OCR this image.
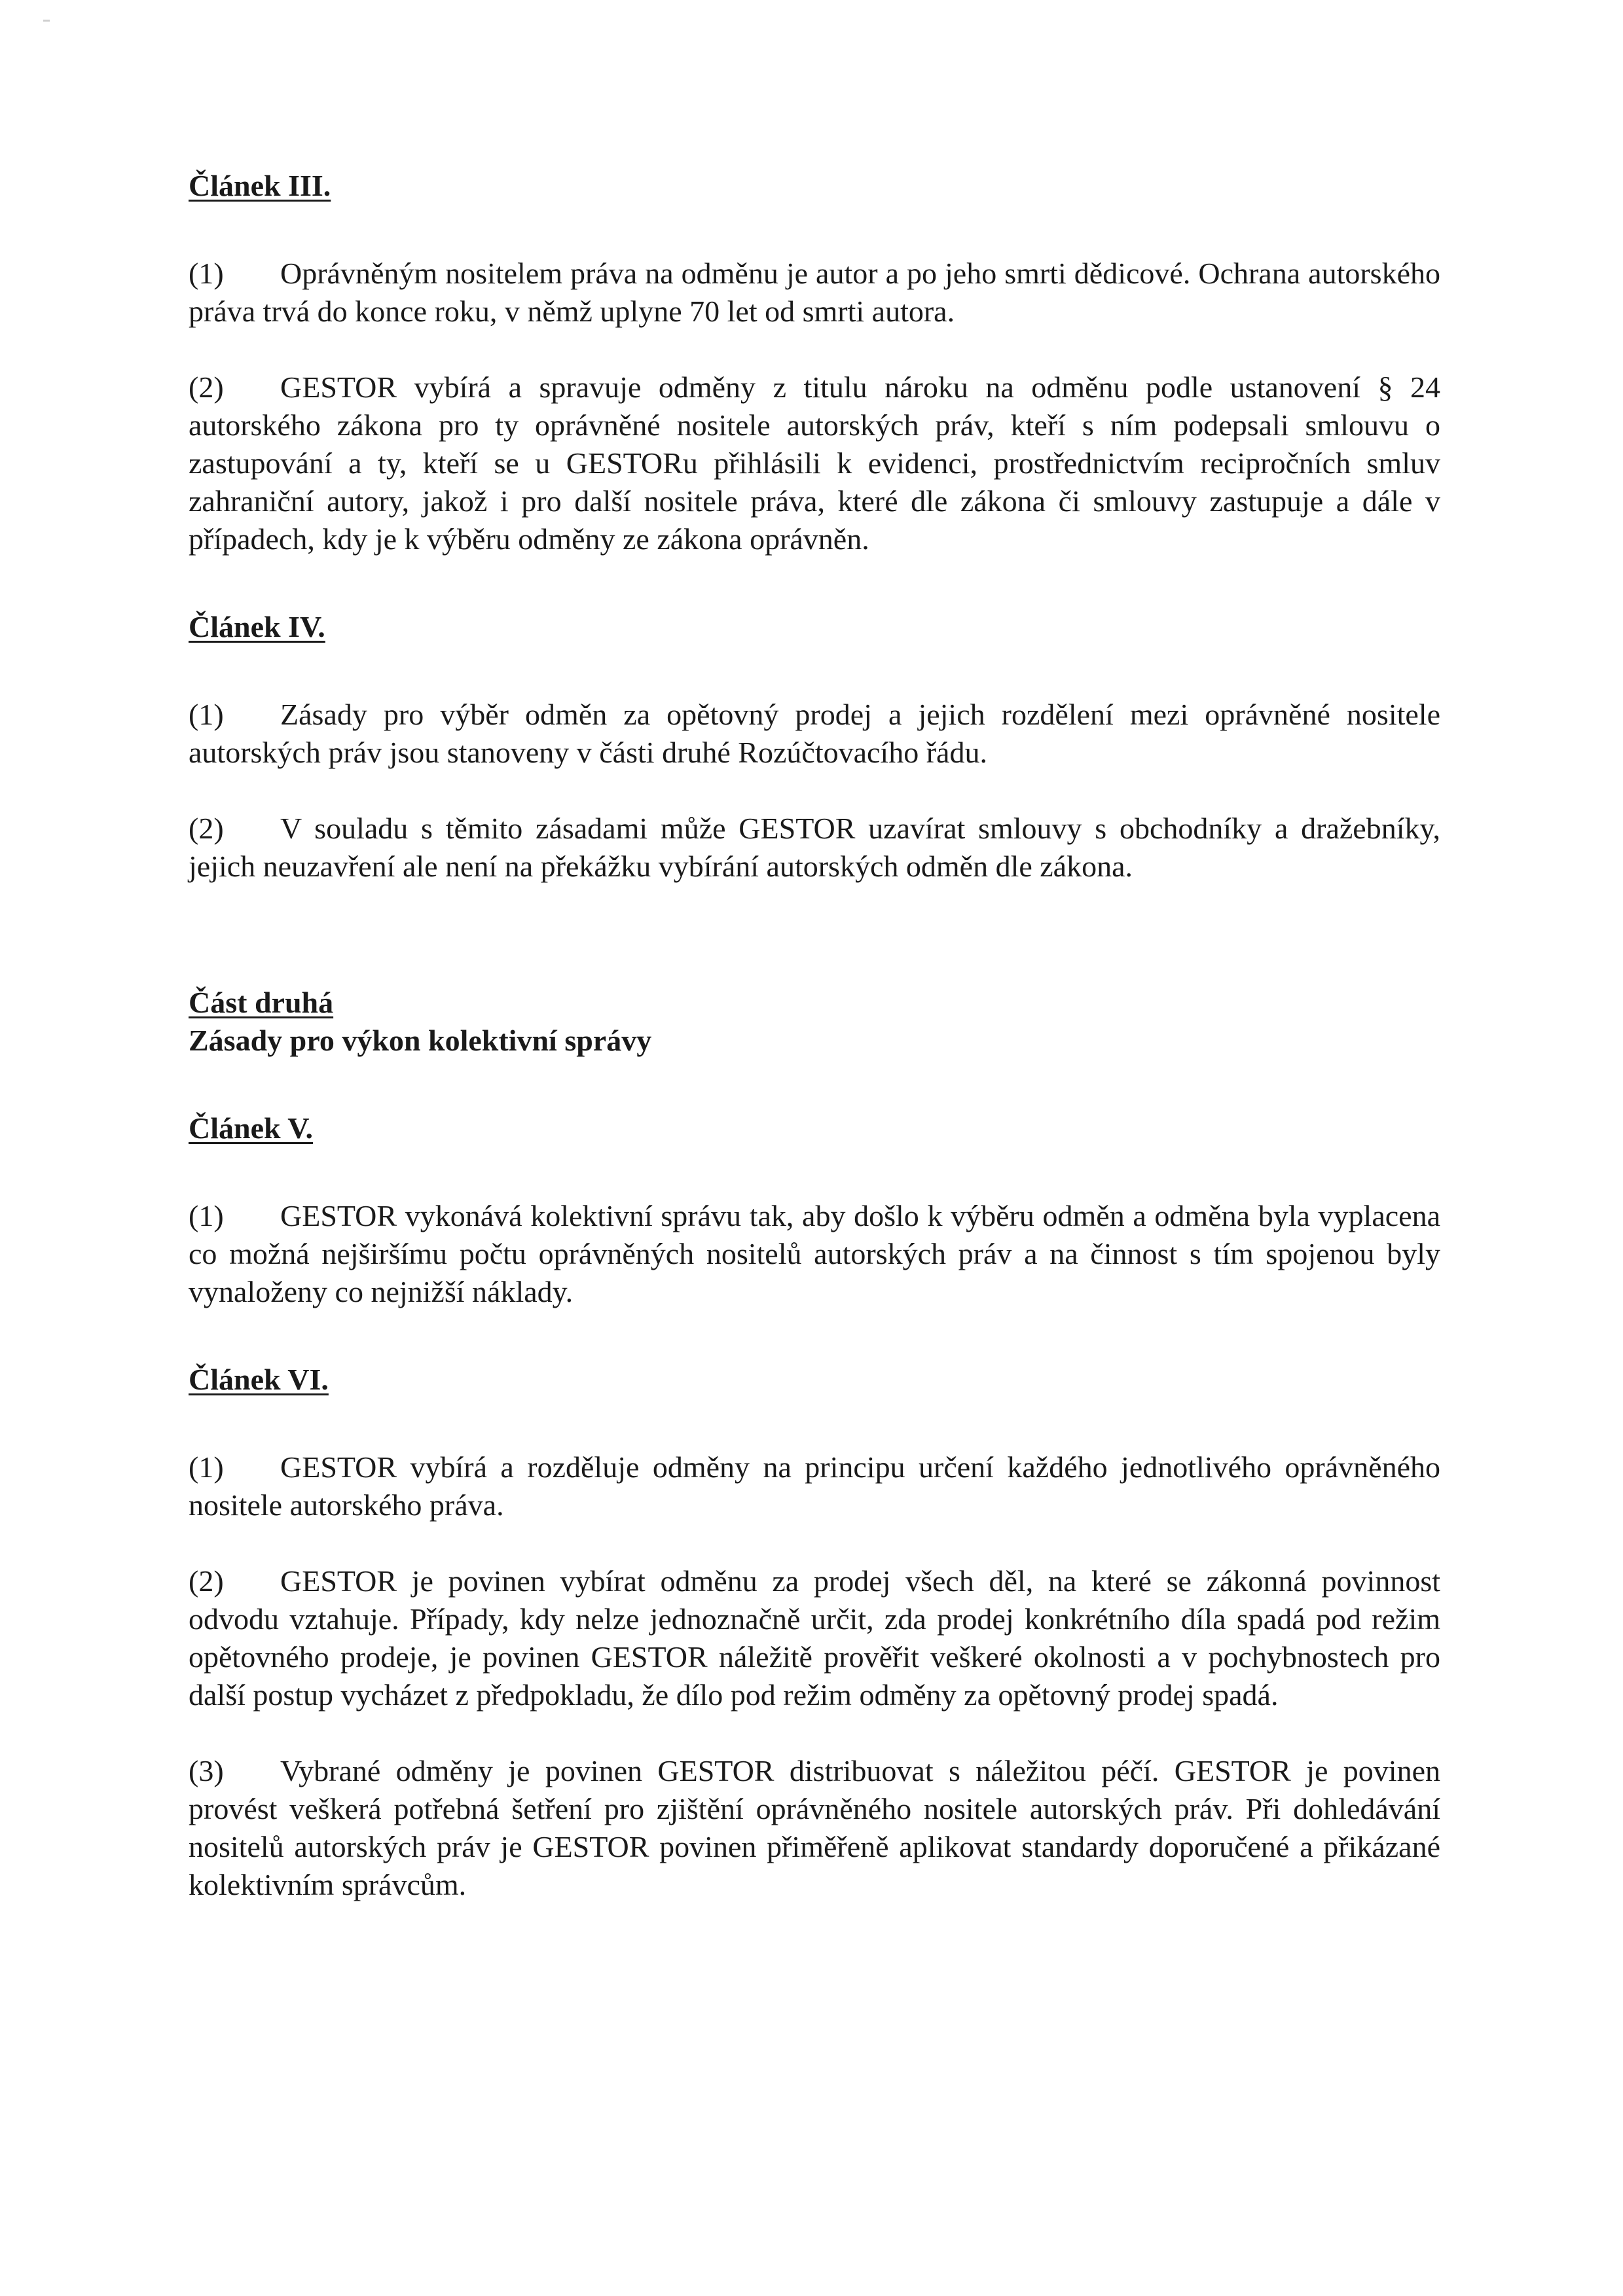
Článek III.

(1) Oprávněným nositelem práva na odměnu je autor a po jeho smrti dědicové. Ochrana autorského práva trvá do konce roku, v němž uplyne 70 let od smrti autora.

(2) GESTOR vybírá a spravuje odměny z titulu nároku na odměnu podle ustanovení § 24 autorského zákona pro ty oprávněné nositele autorských práv, kteří s ním podepsali smlouvu o zastupování a ty, kteří se u GESTORu přihlásili k evidenci, prostřednictvím recipročních smluv zahraniční autory, jakož i pro další nositele práva, které dle zákona či smlouvy zastupuje a dále v případech, kdy je k výběru odměny ze zákona oprávněn.

Článek IV.

(1) Zásady pro výběr odměn za opětovný prodej a jejich rozdělení mezi oprávněné nositele autorských práv jsou stanoveny v části druhé Rozúčtovacího řádu.

(2) V souladu s těmito zásadami může GESTOR uzavírat smlouvy s obchodníky a dražebníky, jejich neuzavření ale není na překážku vybírání autorských odměn dle zákona.

Část druhá

Zásady pro výkon kolektivní správy

Článek V.

(1) GESTOR vykonává kolektivní správu tak, aby došlo k výběru odměn a odměna byla vyplacena co možná nejširšímu počtu oprávněných nositelů autorských práv a na činnost s tím spojenou byly vynaloženy co nejnižší náklady.

Článek VI.

(1) GESTOR vybírá a rozděluje odměny na principu určení každého jednotlivého oprávněného nositele autorského práva.

(2) GESTOR je povinen vybírat odměnu za prodej všech děl, na které se zákonná povinnost odvodu vztahuje. Případy, kdy nelze jednoznačně určit, zda prodej konkrétního díla spadá pod režim opětovného prodeje, je povinen GESTOR náležitě prověřit veškeré okolnosti a v pochybnostech pro další postup vycházet z předpokladu, že dílo pod režim odměny za opětovný prodej spadá.

(3) Vybrané odměny je povinen GESTOR distribuovat s náležitou péčí. GESTOR je povinen provést veškerá potřebná šetření pro zjištění oprávněného nositele autorských práv. Při dohledávání nositelů autorských práv je GESTOR povinen přiměřeně aplikovat standardy doporučené a přikázané kolektivním správcům.
